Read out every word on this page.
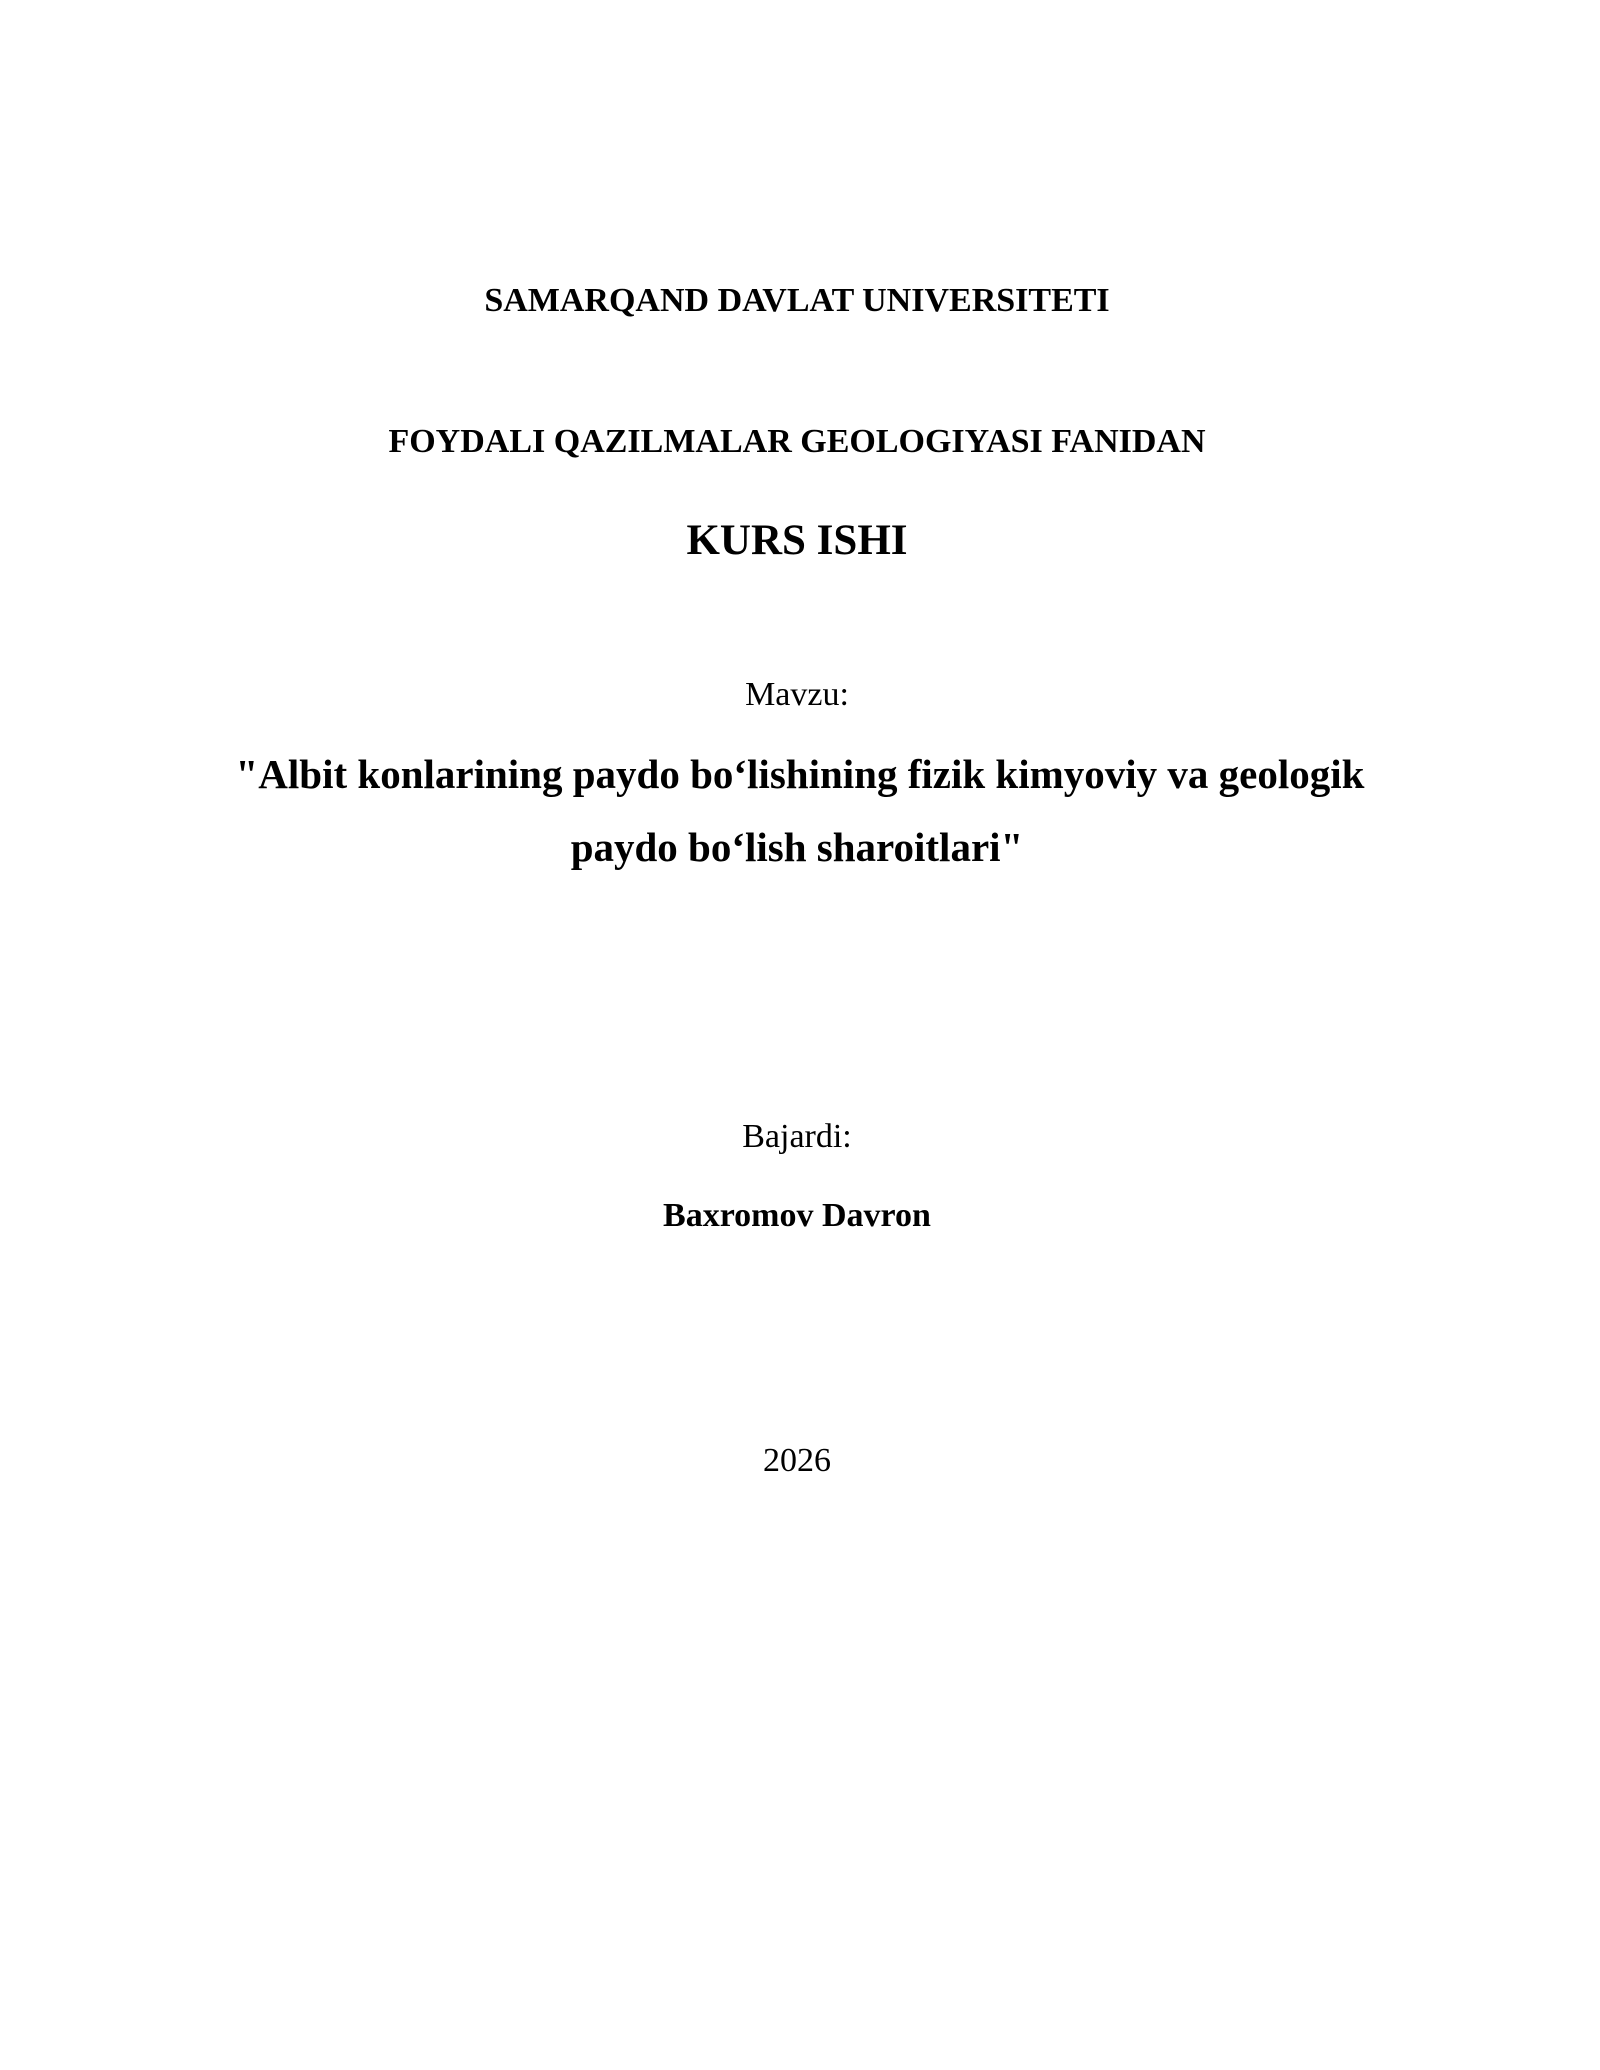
SAMARQAND DAVLAT UNIVERSITETI
FOYDALI QAZILMALAR GEOLOGIYASI FANIDAN
KURS ISHI
Mavzu:
"Albit konlarining paydo bo‘lishining fizik kimyoviy va geologik
paydo bo‘lish sharoitlari"
Bajardi:
Baxromov Davron
2026
